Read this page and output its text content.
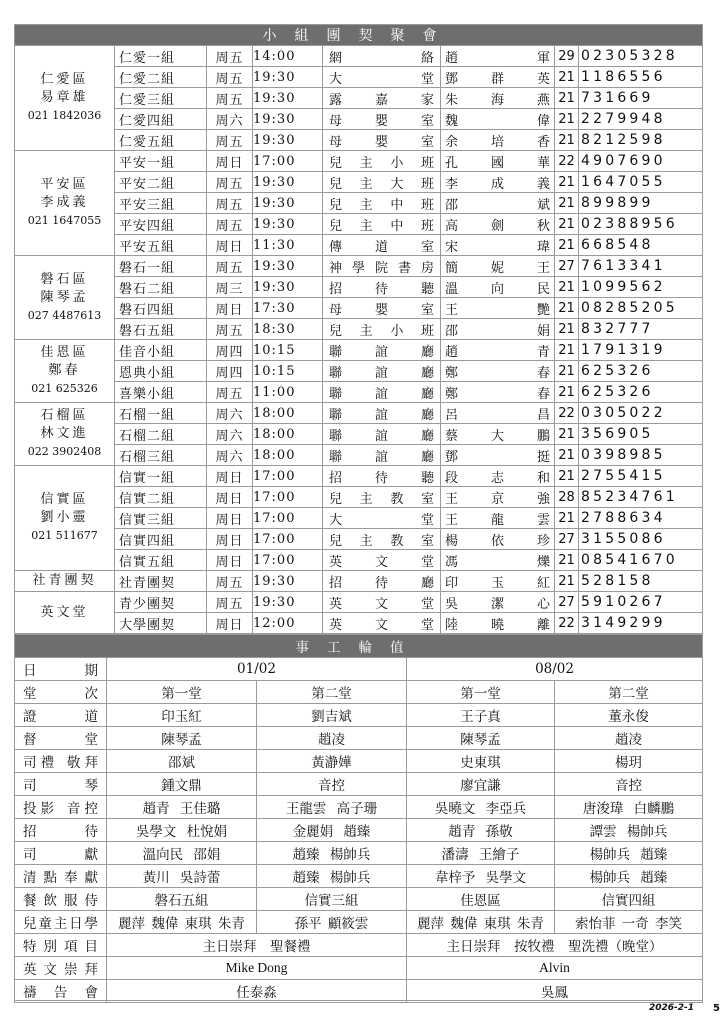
小組團契聚會							

仁愛區
易章雄
021 1842036	仁愛一組	周五	14:00	網絡	趙軍	29	02305328
	仁愛二組	周五	19:30	大堂	鄧群英	21	1186556
	仁愛三組	周五	19:30	露嘉家	朱海燕	21	731669
	仁愛四組	周六	19:30	母嬰室	魏偉	21	2279948
	仁愛五組	周五	19:30	母嬰室	余培香	21	8212598

平安區
李成義
021 1647055	平安一組	周日	17:00	兒主小班	孔國華	22	4907690
	平安二組	周五	19:30	兒主大班	李成義	21	1647055
	平安三組	周五	19:30	兒主中班	邵斌	21	899899
	平安四組	周五	19:30	兒主中班	高劍秋	21	02388956
	平安五組	周日	11:30	傳道室	宋瑋	21	668548

磐石區
陳琴孟
027 4487613	磐石一組	周五	19:30	神學院書房	簡妮王	27	7613341
	磐石二組	周三	19:30	招待聽	溫向民	21	1099562
	磐石四組	周日	17:30	母嬰室	王艷	21	08285205
	磐石五組	周五	18:30	兒主小班	邵娟	21	832777

佳恩區
鄭春
021 625326	佳音小組	周四	10:15	聯誼廳	趙青	21	1791319
	恩典小組	周四	10:15	聯誼廳	鄭春	21	625326
	喜樂小組	周五	11:00	聯誼廳	鄭春	21	625326

石榴區
林文進
022 3902408	石榴一組	周六	18:00	聯誼廳	呂昌	22	0305022
	石榴二組	周六	18:00	聯誼廳	蔡大鵬	21	356905
	石榴三組	周六	18:00	聯誼廳	鄧挺	21	0398985

信實區
劉小靈
021 511677	信實一組	周日	17:00	招待聽	段志和	21	2755415
	信實二組	周日	17:00	兒主教室	王京強	28	85234761
	信實三組	周日	17:00	大堂	王龍雲	21	2788634
	信實四組	周日	17:00	兒主教室	楊依珍	27	3155086
	信實五組	周日	17:00	英文堂	馮爍	21	08541670

社青團契	社青團契	周五	19:30	招待廳	印玉紅	21	528158

英文堂	青少團契	周五	19:30	英文堂	吳潔心	27	5910267
	大學團契	周日	12:00	英文堂	陸曉離	22	3149299
事工輪值				
日期	01/02		08/02	
堂次	第一堂	第二堂	第一堂	第二堂
證道	印玉紅	劉吉斌	王子真	董永俊
督堂	陳琴孟	趙凌	陳琴孟	趙凌
司禮 敬拜	邵斌	黃瀞嬅	史東琪	楊玥
司琴	鍾文鼎	音控	廖宜謙	音控
投影 音控	趙青 王佳璐	王龍雲 高子珊	吳曉文 李亞兵	唐浚瑋 白麟鵬
招待	吳學文 杜悅娟	金麗娟 趙臻	趙青 孫敬	譚雲 楊帥兵
司獻	溫向民 邵娟	趙臻 楊帥兵	潘濤 王繪子	楊帥兵 趙臻
清點奉獻	黃川 吳詩蕾	趙臻 楊帥兵	韋梓予 吳學文	楊帥兵 趙臻
餐飲服侍	磐石五組	信實三組	佳恩區	信實四組
兒童主日學	麗萍 魏偉 東琪 朱青	孫平 顧筱雲	麗萍 魏偉 東琪 朱青	索怡菲 一奇 李笑
特別項目	主日崇拜　聖餐禮		主日崇拜　按牧禮　聖洗禮（晚堂）	
英文崇拜	Mike Dong		Alvin	
禱告會	任泰淼		吳鳳	
2026-2-1 5
